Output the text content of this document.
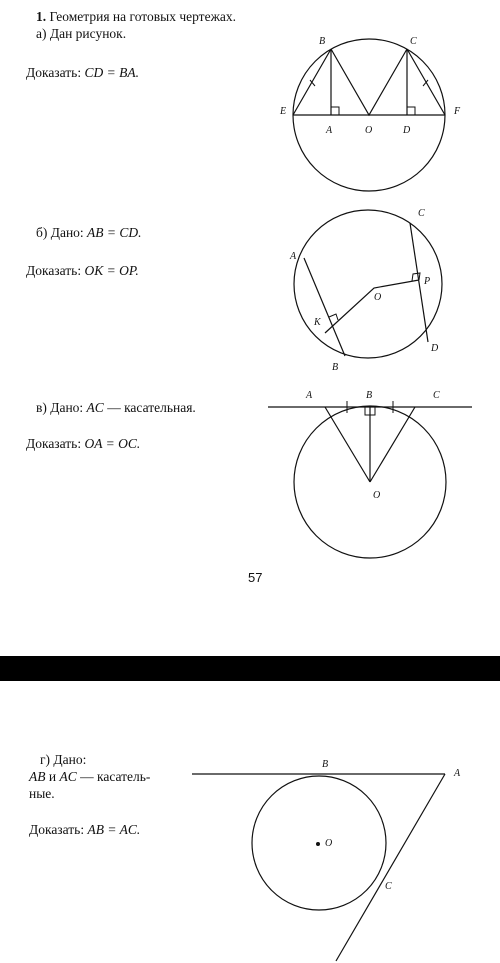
1. Геометрия на готовых чертежах.
а) Дан рисунок.
Доказать: CD = BA.
B	C
E	F
A	O	D
б) Дано: AB = CD.
Доказать: OK = OP.
C
A
P
O
K
D
B
в) Дано: AC — касательная.
Доказать: OA = OC.
A	B	C
O
57
г) Дано:
AB и AC — касатель-
ные.
Доказать: AB = AC.
B
A
O
C
